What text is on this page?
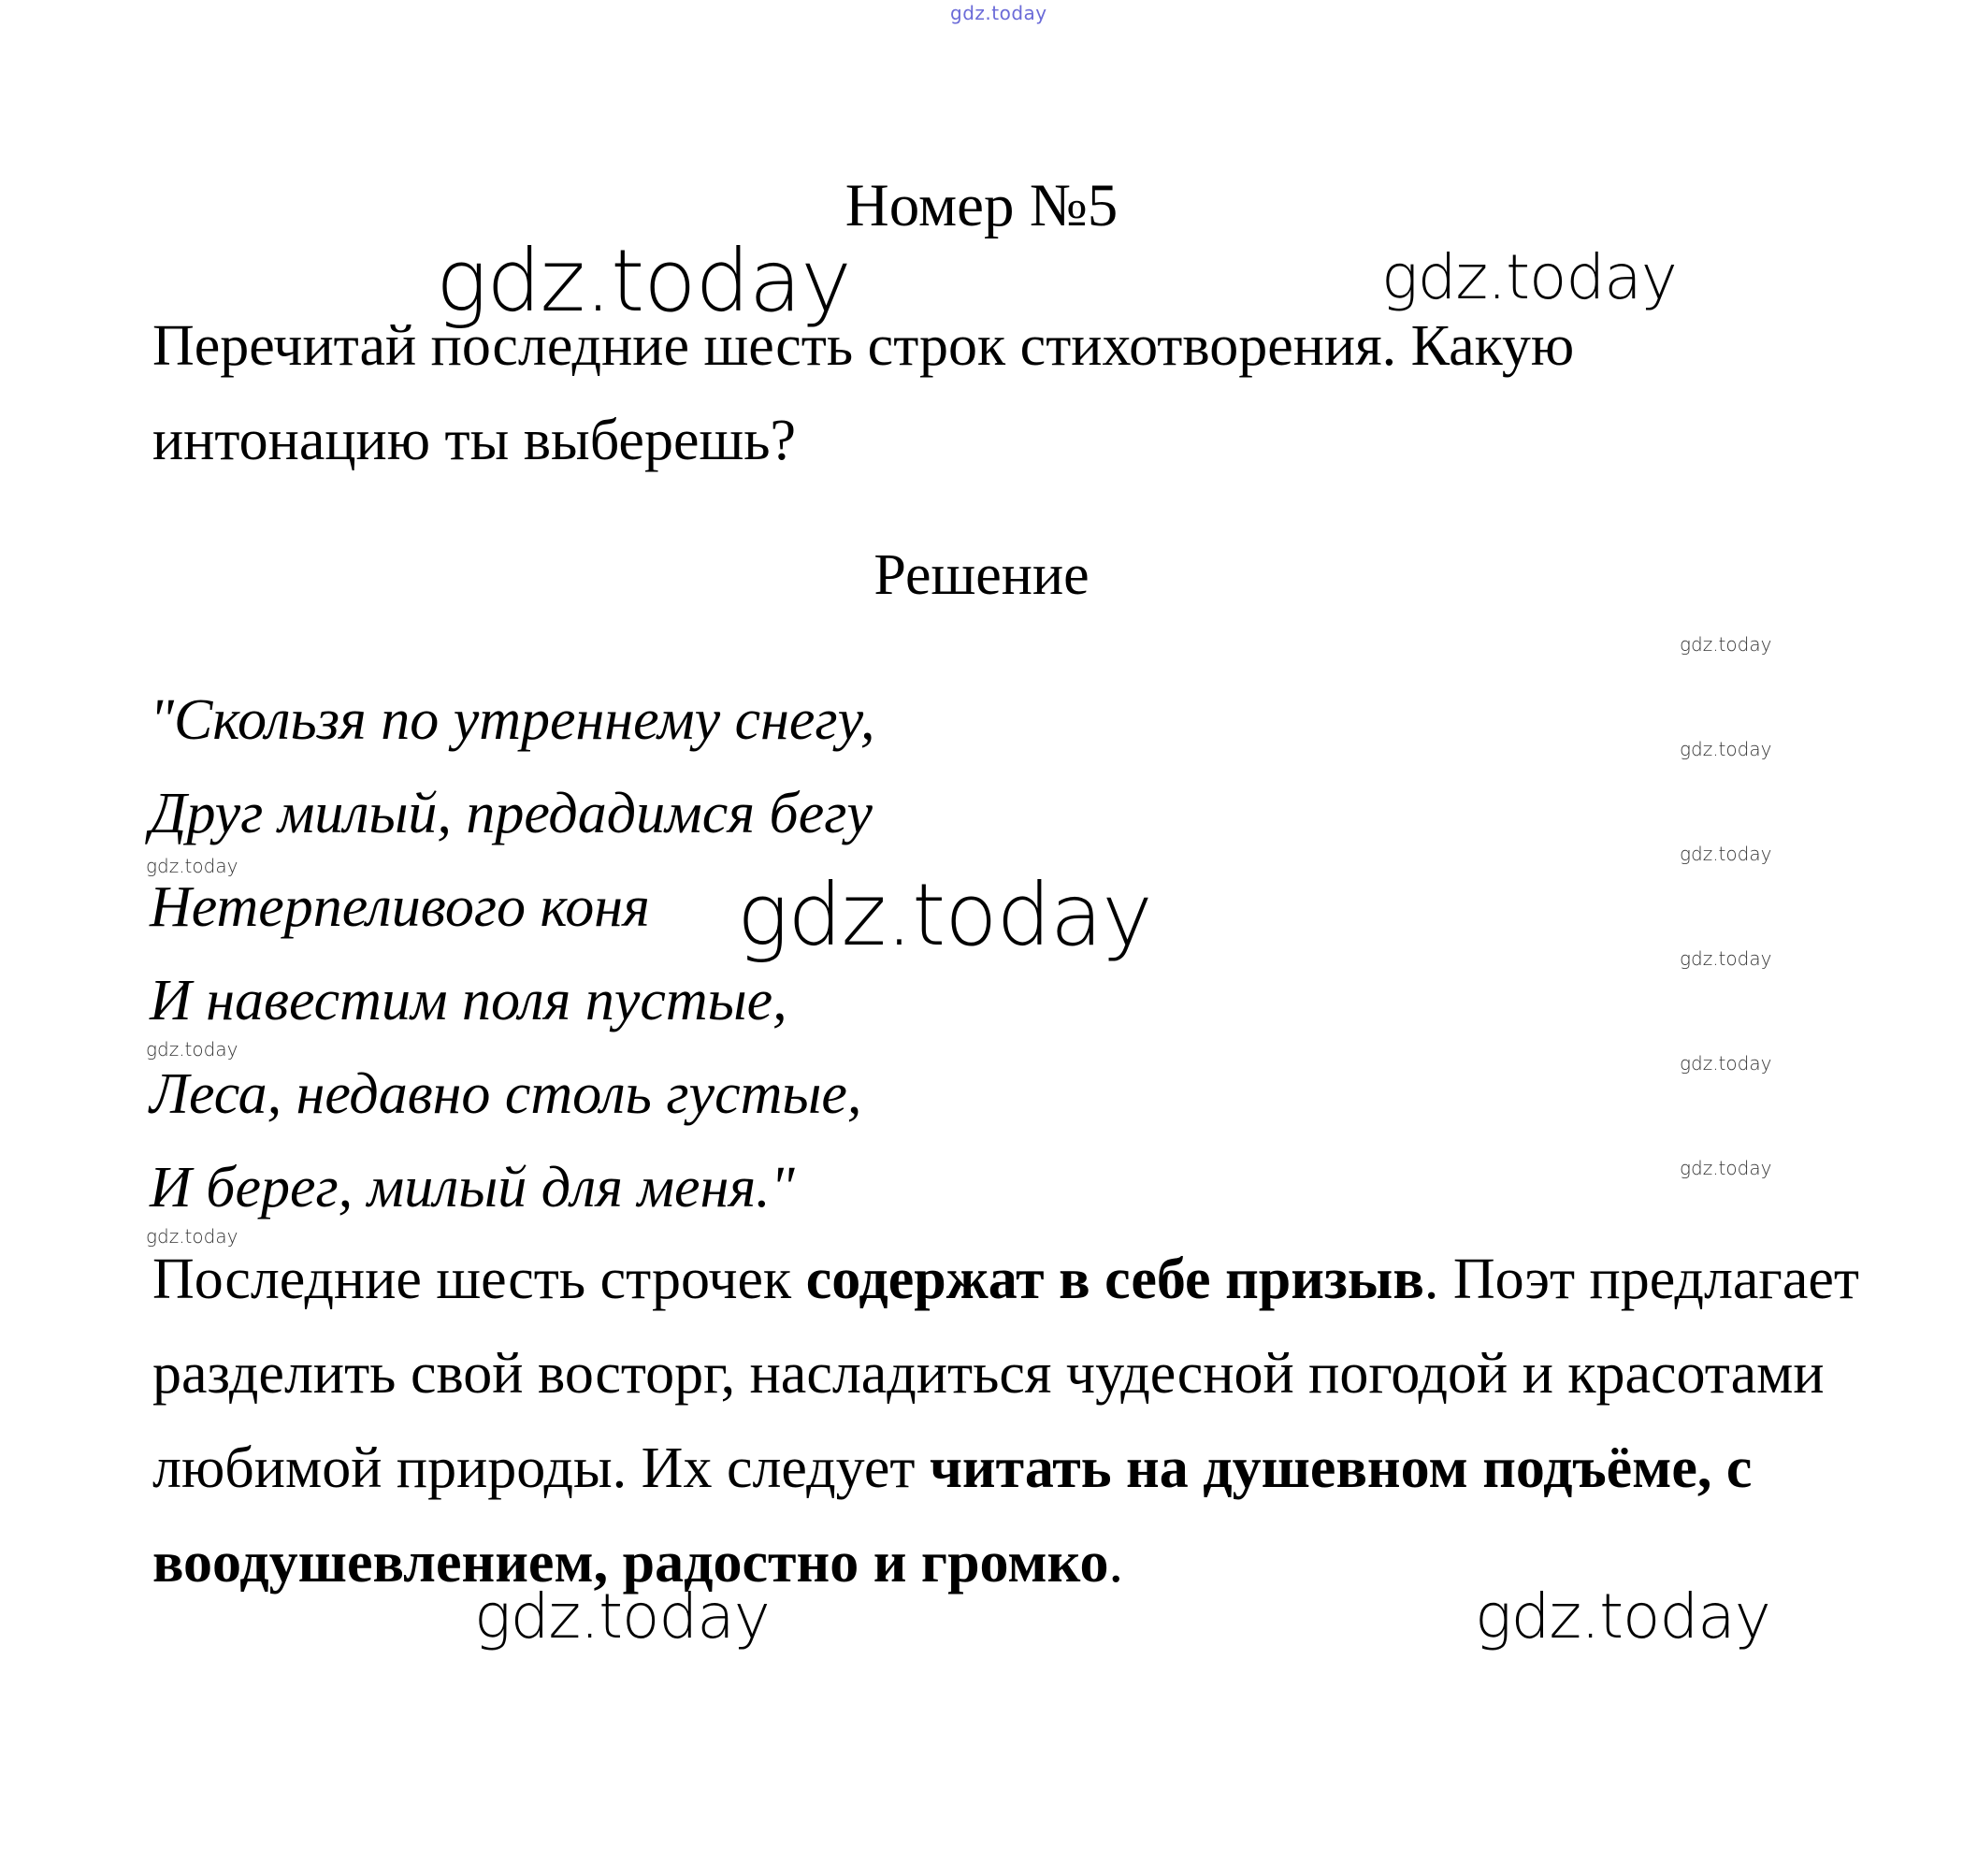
gdz.today
Номер №5
Перечитай последние шесть строк стихотворения. Какую интонацию ты выберешь?
Решение
"Скользя по утреннему снегу,
Друг милый, предадимся бегу
Нетерпеливого коня
И навестим поля пустые,
Леса, недавно столь густые,
И берег, милый для меня."
Последние шесть строчек содержат в себе призыв. Поэт предлагает разделить свой восторг, насладиться чудесной погодой и красотами любимой природы. Их следует читать на душевном подъёме, с воодушевлением, радостно и громко.
gdz.today	gdz.today
gdz.today
gdz.today	gdz.today
gdz.today
gdz.today
gdz.today
gdz.today
gdz.today
gdz.today
gdz.today
gdz.today
gdz.today
